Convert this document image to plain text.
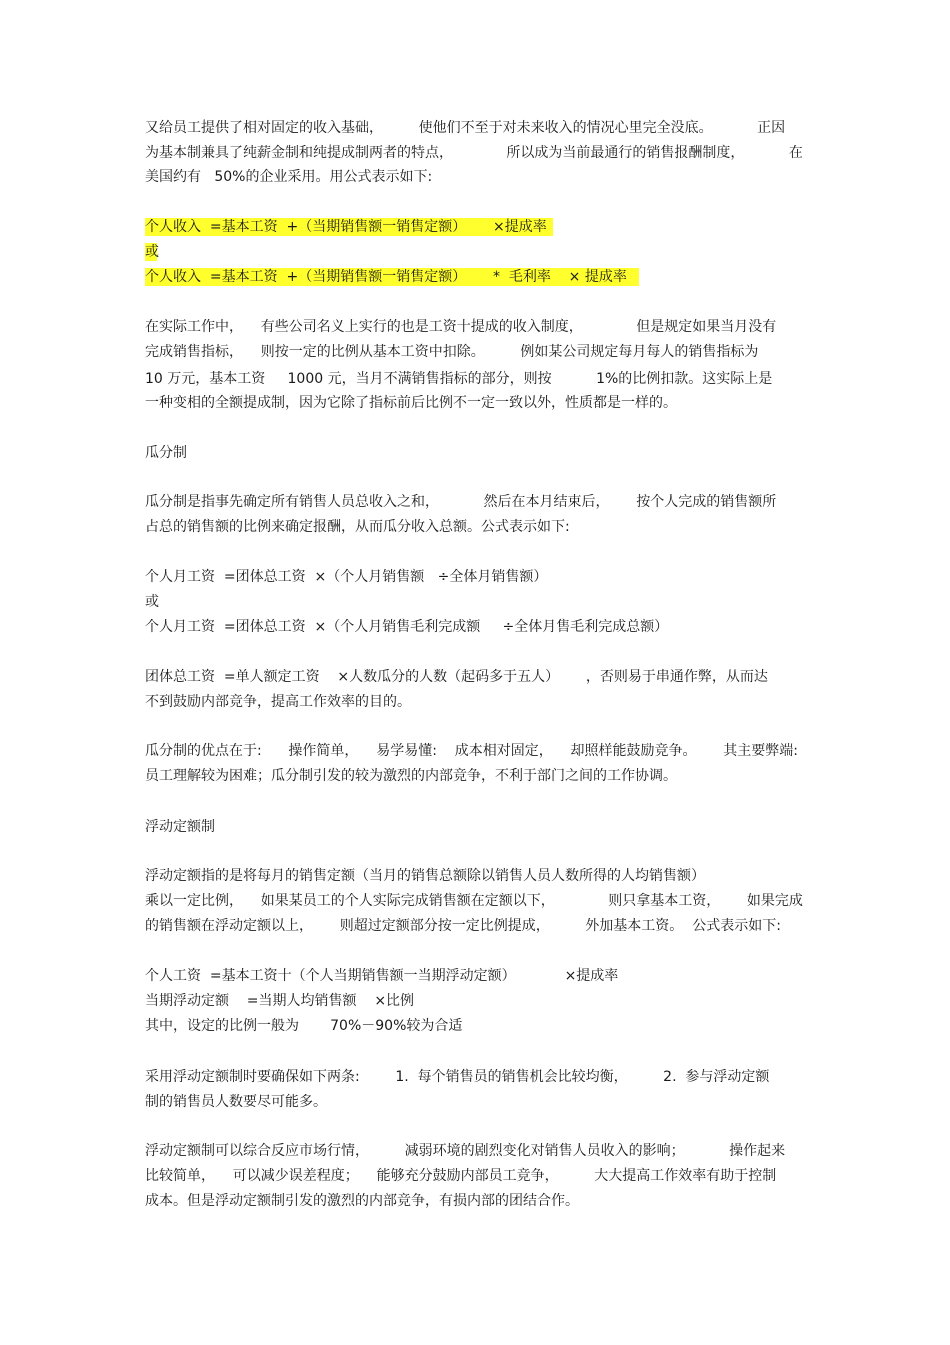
又给员工提供了相对固定的收入基础，        使他们不至于对未来收入的情况心里完全没底。          正因
为基本制兼具了纯薪金制和纯提成制两者的特点，            所以成为当前最通行的销售报酬制度，          在
美国约有   50%的企业采用。用公式表示如下:
个人收入  =基本工资  +（当期销售额一销售定额）      ×提成率
或
个人收入  =基本工资  +（当期销售额一销售定额）      *  毛利率    × 提成率
在实际工作中，    有些公司名义上实行的也是工资十提成的收入制度，            但是规定如果当月没有
完成销售指标，    则按一定的比例从基本工资中扣除。        例如某公司规定每月每人的销售指标为
10 万元，基本工资     1000 元，当月不满销售指标的部分，则按          1%的比例扣款。这实际上是
一种变相的全额提成制，因为它除了指标前后比例不一定一致以外，性质都是一样的。
瓜分制
瓜分制是指事先确定所有销售人员总收入之和，          然后在本月结束后，      按个人完成的销售额所
占总的销售额的比例来确定报酬，从而瓜分收入总额。公式表示如下:
个人月工资  =团体总工资  ×（个人月销售额   ÷全体月销售额）
或
个人月工资  =团体总工资  ×（个人月销售毛利完成额     ÷全体月售毛利完成总额）
团体总工资  =单人额定工资    ×人数瓜分的人数（起码多于五人）      ，否则易于串通作弊，从而达
不到鼓励内部竞争，提高工作效率的目的。
瓜分制的优点在于:      操作简单，    易学易懂:    成本相对固定，    却照样能鼓励竞争。      其主要弊端:
员工理解较为困难；瓜分制引发的较为激烈的内部竞争，不利于部门之间的工作协调。
浮动定额制
浮动定额指的是将每月的销售定额（当月的销售总额除以销售人员人数所得的人均销售额）
乘以一定比例，    如果某员工的个人实际完成销售额在定额以下，            则只拿基本工资，      如果完成
的销售额在浮动定额以上，      则超过定额部分按一定比例提成，        外加基本工资。  公式表示如下:
个人工资  =基本工资十（个人当期销售额一当期浮动定额）           ×提成率
当期浮动定额    =当期人均销售额    ×比例
其中，设定的比例一般为       70%－90%较为合适
采用浮动定额制时要确保如下两条:        1.  每个销售员的销售机会比较均衡，        2.  参与浮动定额
制的销售员人数要尽可能多。
浮动定额制可以综合反应市场行情，        减弱环境的剧烈变化对销售人员收入的影响；          操作起来
比较简单，    可以减少误差程度；    能够充分鼓励内部员工竞争，        大大提高工作效率有助于控制
成本。但是浮动定额制引发的激烈的内部竞争，有损内部的团结合作。
